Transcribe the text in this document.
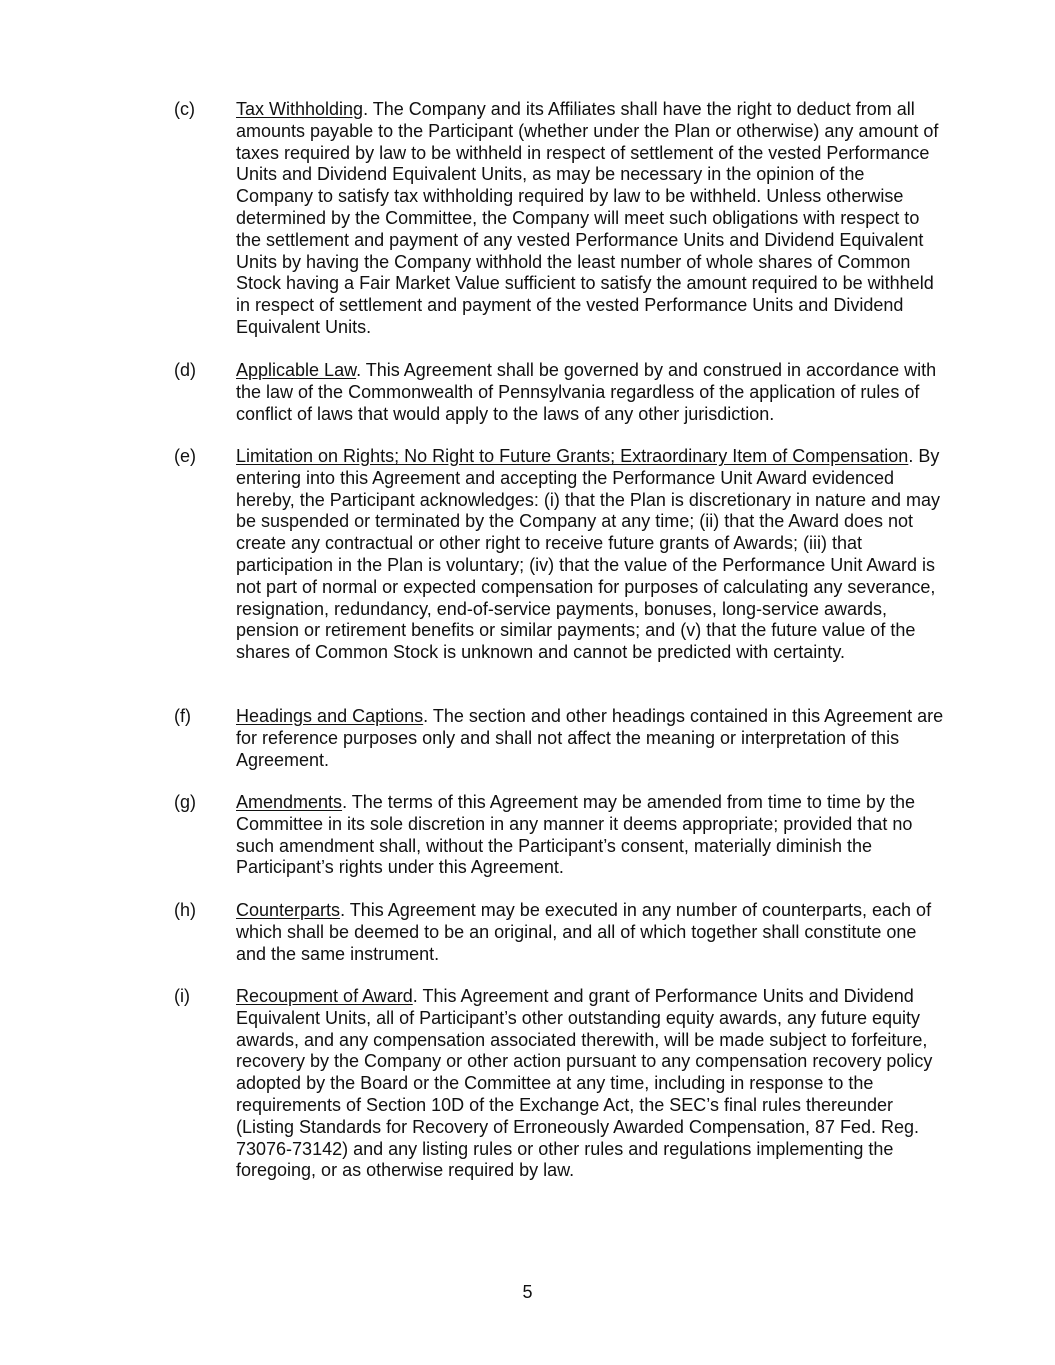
(c)	Tax Withholding. The Company and its Affiliates shall have the right to deduct from all amounts payable to the Participant (whether under the Plan or otherwise) any amount of taxes required by law to be withheld in respect of settlement of the vested Performance Units and Dividend Equivalent Units, as may be necessary in the opinion of the Company to satisfy tax withholding required by law to be withheld. Unless otherwise determined by the Committee, the Company will meet such obligations with respect to the settlement and payment of any vested Performance Units and Dividend Equivalent Units by having the Company withhold the least number of whole shares of Common Stock having a Fair Market Value sufficient to satisfy the amount required to be withheld in respect of settlement and payment of the vested Performance Units and Dividend Equivalent Units.
(d)	Applicable Law. This Agreement shall be governed by and construed in accordance with the law of the Commonwealth of Pennsylvania regardless of the application of rules of conflict of laws that would apply to the laws of any other jurisdiction.
(e)	Limitation on Rights; No Right to Future Grants; Extraordinary Item of Compensation. By entering into this Agreement and accepting the Performance Unit Award evidenced hereby, the Participant acknowledges: (i) that the Plan is discretionary in nature and may be suspended or terminated by the Company at any time; (ii) that the Award does not create any contractual or other right to receive future grants of Awards; (iii) that participation in the Plan is voluntary; (iv) that the value of the Performance Unit Award is not part of normal or expected compensation for purposes of calculating any severance, resignation, redundancy, end-of-service payments, bonuses, long-service awards, pension or retirement benefits or similar payments; and (v) that the future value of the shares of Common Stock is unknown and cannot be predicted with certainty.
(f)	Headings and Captions. The section and other headings contained in this Agreement are for reference purposes only and shall not affect the meaning or interpretation of this Agreement.
(g)	Amendments. The terms of this Agreement may be amended from time to time by the Committee in its sole discretion in any manner it deems appropriate; provided that no such amendment shall, without the Participant’s consent, materially diminish the Participant’s rights under this Agreement.
(h)	Counterparts. This Agreement may be executed in any number of counterparts, each of which shall be deemed to be an original, and all of which together shall constitute one and the same instrument.
(i)	Recoupment of Award. This Agreement and grant of Performance Units and Dividend Equivalent Units, all of Participant’s other outstanding equity awards, any future equity awards, and any compensation associated therewith, will be made subject to forfeiture, recovery by the Company or other action pursuant to any compensation recovery policy adopted by the Board or the Committee at any time, including in response to the requirements of Section 10D of the Exchange Act, the SEC’s final rules thereunder (Listing Standards for Recovery of Erroneously Awarded Compensation, 87 Fed. Reg. 73076-73142) and any listing rules or other rules and regulations implementing the foregoing, or as otherwise required by law.
5
